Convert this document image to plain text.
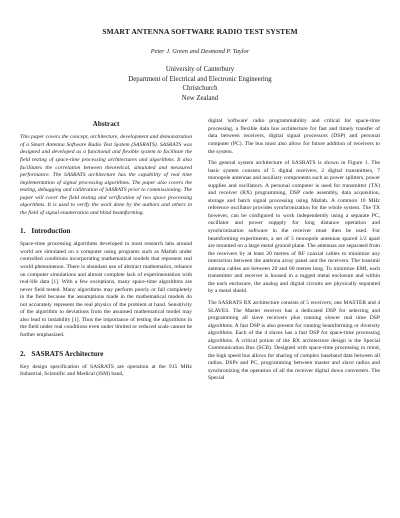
SMART ANTENNA SOFTWARE RADIO TEST SYSTEM
Peter J. Green and Desmond P. Taylor
University of Canterbury
Department of Electrical and Electronic Engineering
Christchurch
New Zealand
Abstract

This paper covers the concept, architecture, development and demonstration of a Smart Antenna Software Radio Test System (SASRATS). SASRATS was designed and developed as a functional and flexible system to facilitate the field testing of space-time processing architectures and algorithms. It also facilitates the correlation between theoretical, simulated and measured performance. The SASRATS architecture has the capability of real time implementation of signal processing algorithms. The paper also covers the testing, debugging and calibration of SASRATS prior to commissioning. The paper will cover the field testing and verification of two space processing algorithms. It is used to verify the work done by the authors and others in the field of signal enumeration and blind beamforming.

1. Introduction

Space-time processing algorithms developed in most research labs around world are simulated on a computer using programs such as Matlab under controlled conditions incorporating mathematical models that represent real world phenomenon. There is abundant use of abstract mathematics, reliance on computer simulations and almost complete lack of experimentation with real-life data [1]. With a few exceptions, many space-time algorithms are never field tested. Many algorithms may perform poorly or fail completely in the field because the assumptions made in the mathematical models do not accurately represent the real physics of the problem at hand. Sensitivity of the algorithm to deviations from the assumed mathematical model may also lead to instability [1]. Thus the importance of testing the algorithms in the field under real conditions even under limited or reduced scale cannot be further emphasized.

2. SASRATS Architecture

Key design specification of SASRATS are operation at the 915 MHz Industrial, Scientific and Medical (ISM) band,

digital 'software' radio programmability and critical for space-time processing, a flexible data bus architecture for fast and timely transfer of data between receivers, digital signal processors (DSP) and personal computer (PC). The bus must also allow for future addition of receivers to the system.

The general system architecture of SASRATS is shown in Figure 1. The basic system consists of 5 digital receivers, 2 digital transmitters, 7 monopole antennas and auxiliary components such as power splitters, power supplies and oscillators. A personal computer is used for transmitter (TX) and receiver (RX) programming, DSP code assembly, data acquisition, storage and batch signal processing using Matlab. A common 10 MHz reference oscillator provides synchronization for the whole system. The TX however, can be configured to work independently using a separate PC, oscillator and power suppply for long distance operation and synchronization software in the receiver must then be used. For beamforming experiments, a set of 5 monopole antennas spaced λ/2 apart are mounted on a large metal ground plane. The antennas are separated from the receivers by at least 20 metres of RF coaxial cables to minimize any interaction between the antenna array panel and the receivers. The transmit antenna cables are between 20 and 60 metres long. To minimize EMI, each transmitter and receiver is housed in a rugged metal enclosure and within the each enclosure, the analog and digital circuits are physically separated by a metal shield.

The SASRATS RX architecture consists of 5 receivers; one MASTER and 4 SLAVES. The Master receiver has a dedicated DSP for selecting and programming all slave receivers plus running slower real time DSP algorithms. A fast DSP is also present for running beamforming or diversity algorithms. Each of the 4 slaves has a fast DSP for space-time processing algorithms. A critical potion of the RX architecture design is the Special Communication Bus (SCB). Designed with space-time processing in mind, the high speed bus allows for sharing of complex baseband data between all radios, DSPs and PC, programming between master and slave radios and synchronizing the operation of all the receiver digital down converters. The Special
